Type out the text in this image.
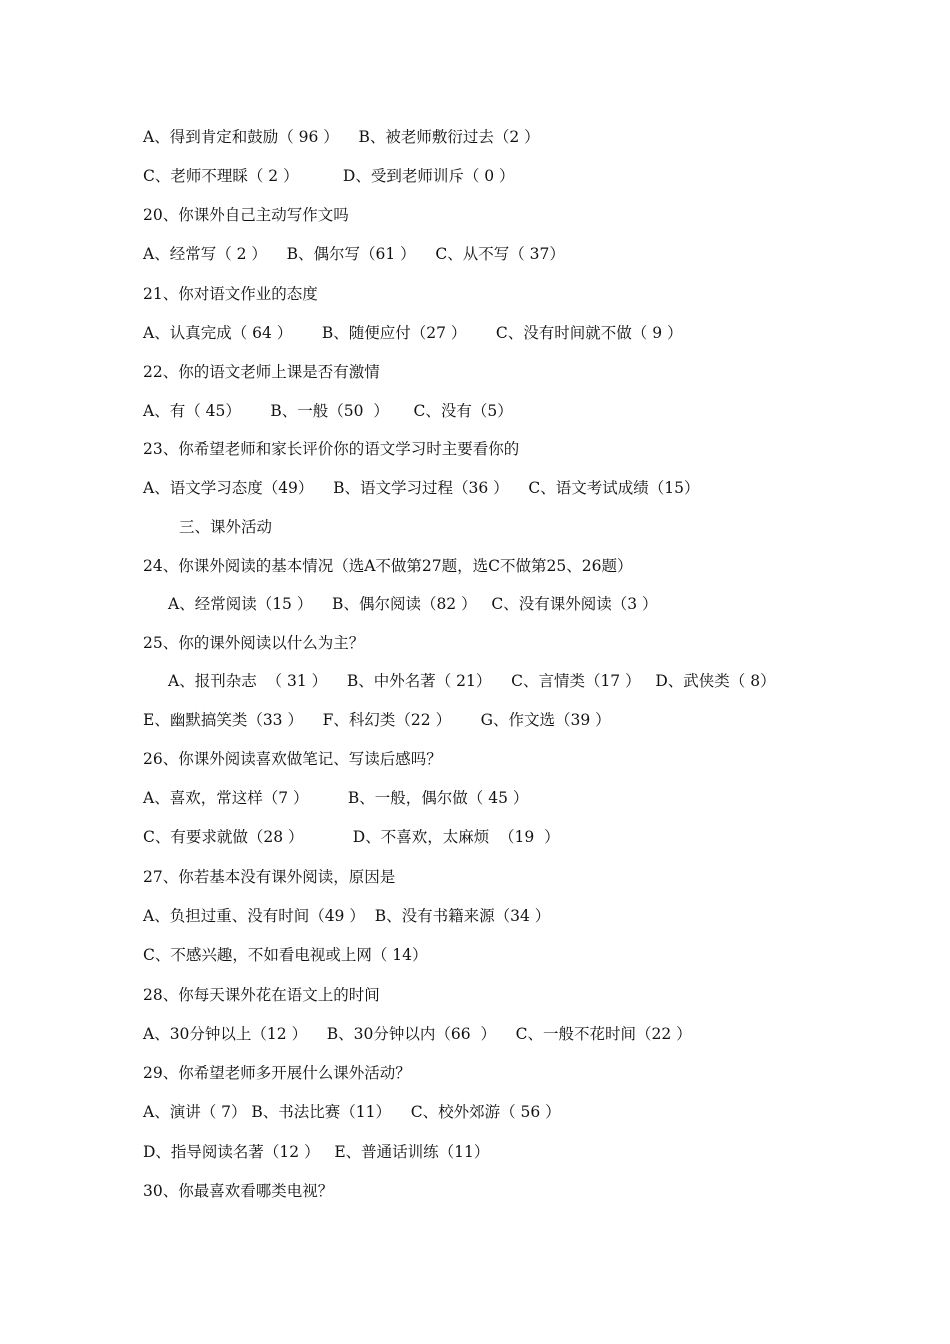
A、得到肯定和鼓励（ 96 ）    B、被老师敷衍过去（2 ）
C、老师不理睬（ 2 ）         D、受到老师训斥（ 0 ）
20、你课外自己主动写作文吗
A、经常写（ 2 ）    B、偶尔写（61 ）    C、从不写（ 37）
21、你对语文作业的态度
A、认真完成（ 64 ）      B、随便应付（27 ）      C、没有时间就不做（ 9 ）
22、你的语文老师上课是否有激情
A、有（ 45）      B、一般（50  ）     C、没有（5）
23、你希望老师和家长评价你的语文学习时主要看你的
A、语文学习态度（49）    B、语文学习过程（36 ）    C、语文考试成绩（15）
三、课外活动
24、你课外阅读的基本情况（选A不做第27题，选C不做第25、26题）
A、经常阅读（15 ）    B、偶尔阅读（82 ）   C、没有课外阅读（3 ）
25、你的课外阅读以什么为主？
A、报刊杂志  （ 31 ）    B、中外名著（ 21）    C、言情类（17 ）   D、武侠类（ 8）
E、幽默搞笑类（33 ）    F、科幻类（22 ）      G、作文选（39 ）
26、你课外阅读喜欢做笔记、写读后感吗？
A、喜欢，常这样（7 ）        B、一般，偶尔做（ 45 ）
C、有要求就做（28 ）          D、不喜欢，太麻烦  （19  ）
27、你若基本没有课外阅读，原因是
A、负担过重、没有时间（49 ）  B、没有书籍来源（34 ）
C、不感兴趣，不如看电视或上网（ 14）
28、你每天课外花在语文上的时间
A、30分钟以上（12 ）    B、30分钟以内（66  ）    C、一般不花时间（22 ）
29、你希望老师多开展什么课外活动？
A、演讲（ 7） B、书法比赛（11）    C、校外郊游（ 56 ）
D、指导阅读名著（12 ）   E、普通话训练（11）
30、你最喜欢看哪类电视？
